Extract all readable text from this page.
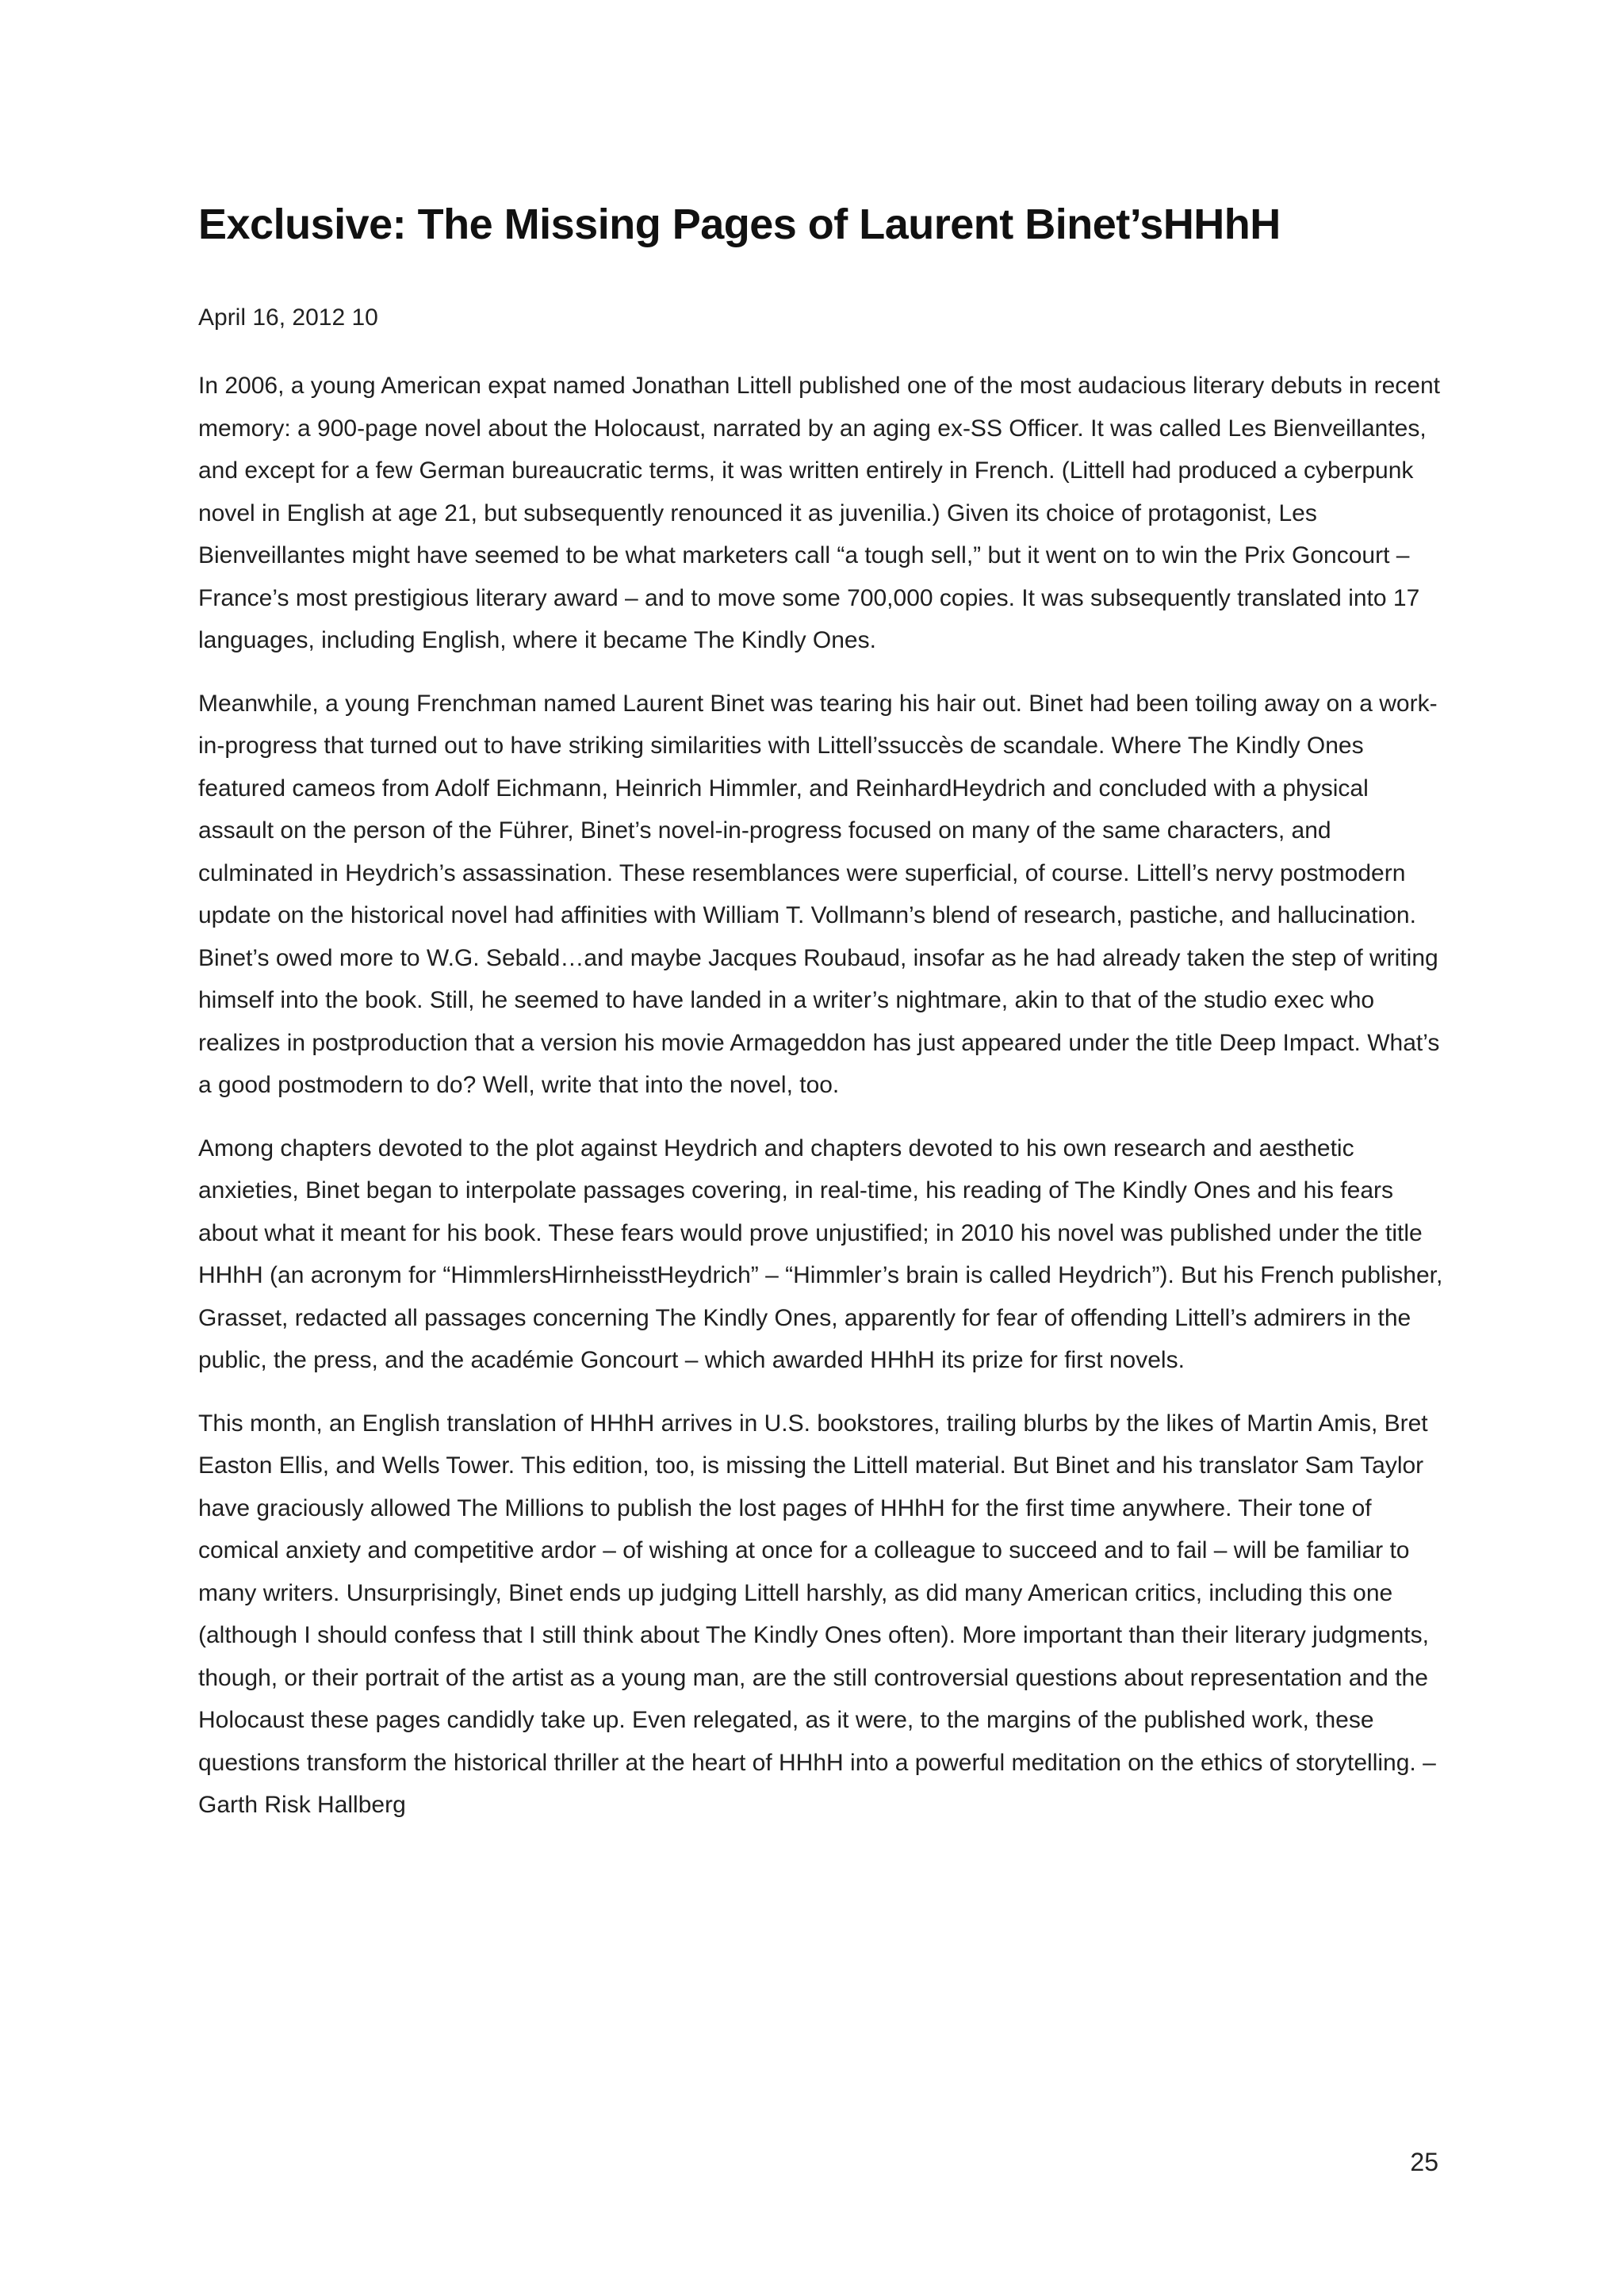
Exclusive: The Missing Pages of Laurent Binet’sHHhH
April 16, 2012 10

In 2006, a young American expat named Jonathan Littell published one of the most audacious literary debuts in recent memory: a 900-page novel about the Holocaust, narrated by an aging ex-SS Officer. It was called Les Bienveillantes, and except for a few German bureaucratic terms, it was written entirely in French. (Littell had produced a cyberpunk novel in English at age 21, but subsequently renounced it as juvenilia.) Given its choice of protagonist, Les Bienveillantes might have seemed to be what marketers call “a tough sell,” but it went on to win the Prix Goncourt – France’s most prestigious literary award – and to move some 700,000 copies. It was subsequently translated into 17 languages, including English, where it became The Kindly Ones.

Meanwhile, a young Frenchman named Laurent Binet was tearing his hair out. Binet had been toiling away on a work-in-progress that turned out to have striking similarities with Littell’ssuccès de scandale. Where The Kindly Ones featured cameos from Adolf Eichmann, Heinrich Himmler, and ReinhardHeydrich and concluded with a physical assault on the person of the Führer, Binet’s novel-in-progress focused on many of the same characters, and culminated in Heydrich’s assassination. These resemblances were superficial, of course. Littell’s nervy postmodern update on the historical novel had affinities with William T. Vollmann’s blend of research, pastiche, and hallucination. Binet’s owed more to W.G. Sebald…and maybe Jacques Roubaud, insofar as he had already taken the step of writing himself into the book. Still, he seemed to have landed in a writer’s nightmare, akin to that of the studio exec who realizes in postproduction that a version his movie Armageddon has just appeared under the title Deep Impact. What’s a good postmodern to do? Well, write that into the novel, too.

Among chapters devoted to the plot against Heydrich and chapters devoted to his own research and aesthetic anxieties, Binet began to interpolate passages covering, in real-time, his reading of The Kindly Ones and his fears about what it meant for his book. These fears would prove unjustified; in 2010 his novel was published under the title HHhH (an acronym for “HimmlersHirnheisstHeydrich” – “Himmler’s brain is called Heydrich”). But his French publisher, Grasset, redacted all passages concerning The Kindly Ones, apparently for fear of offending Littell’s admirers in the public, the press, and the académie Goncourt – which awarded HHhH its prize for first novels.

This month, an English translation of HHhH arrives in U.S. bookstores, trailing blurbs by the likes of Martin Amis, Bret Easton Ellis, and Wells Tower. This edition, too, is missing the Littell material. But Binet and his translator Sam Taylor have graciously allowed The Millions to publish the lost pages of HHhH for the first time anywhere. Their tone of comical anxiety and competitive ardor – of wishing at once for a colleague to succeed and to fail – will be familiar to many writers. Unsurprisingly, Binet ends up judging Littell harshly, as did many American critics, including this one (although I should confess that I still think about The Kindly Ones often). More important than their literary judgments, though, or their portrait of the artist as a young man, are the still controversial questions about representation and the Holocaust these pages candidly take up. Even relegated, as it were, to the margins of the published work, these questions transform the historical thriller at the heart of HHhH into a powerful meditation on the ethics of storytelling. – Garth Risk Hallberg

25
